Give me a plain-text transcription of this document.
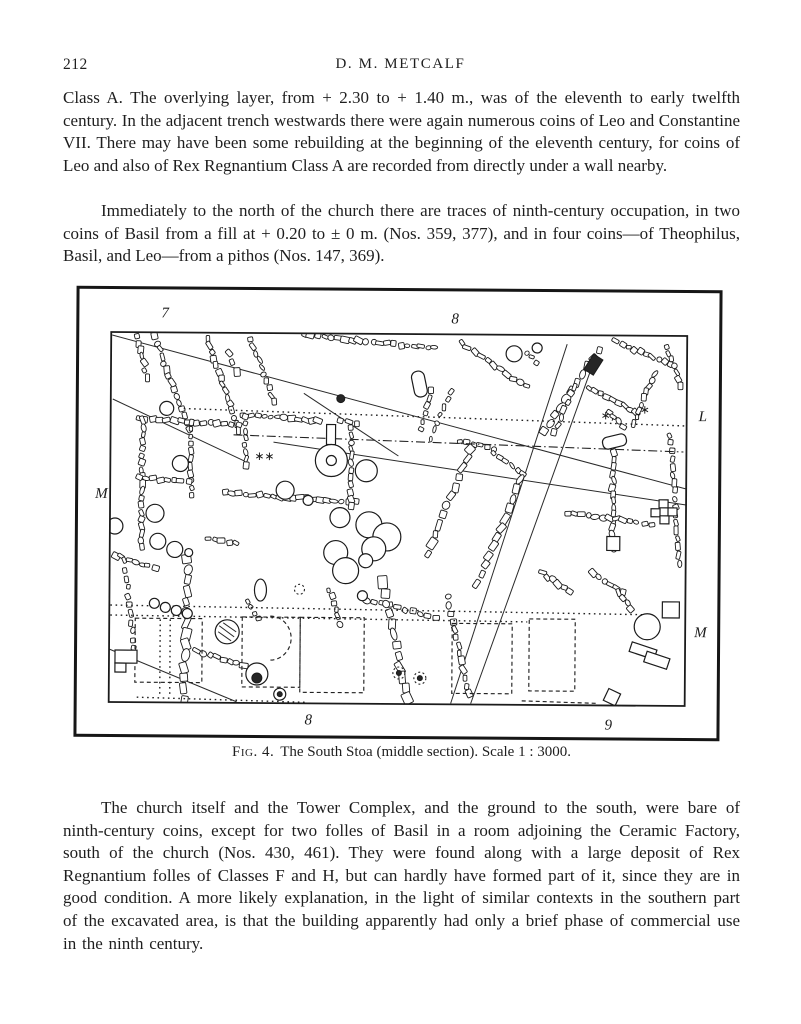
212	D. M. METCALF

Class A. The overlying layer, from + 2.30 to + 1.40 m., was of the eleventh to early twelfth century. In the adjacent trench westwards there were again numerous coins of Leo and Constantine VII. There may have been some rebuilding at the beginning of the eleventh century, for coins of Leo and also of Rex Regnantium Class A are recorded from directly under a wall nearby.

Immediately to the north of the church there are traces of ninth-century occupation, in two coins of Basil from a fill at + 0.20 to ± 0 m. (Nos. 359, 377), and in four coins—of Theophilus, Basil, and Leo—from a pithos (Nos. 147, 369).

7	8
L
M
M
8	9
∗∗
∗, ∗
Fig. 4. The South Stoa (middle section). Scale 1 : 3000.

The church itself and the Tower Complex, and the ground to the south, were bare of ninth-century coins, except for two folles of Basil in a room adjoining the Ceramic Factory, south of the church (Nos. 430, 461). They were found along with a large deposit of Rex Regnantium folles of Classes F and H, but can hardly have formed part of it, since they are in good condition. A more likely explanation, in the light of similar contexts in the southern part of the excavated area, is that the building apparently had only a brief phase of commercial use in the ninth century.
